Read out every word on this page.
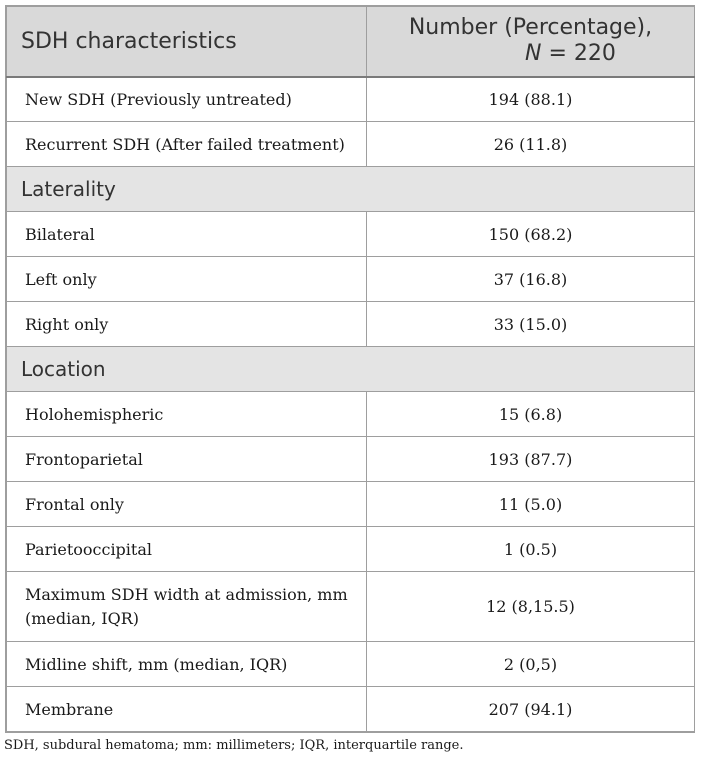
SDH characteristics	Number (Percentage),
N = 220

New SDH (Previously untreated)	194 (88.1)
Recurrent SDH (After failed treatment)	26 (11.8)
Laterality	
Bilateral	150 (68.2)
Left only	37 (16.8)
Right only	33 (15.0)
Location	
Holohemispheric	15 (6.8)
Frontoparietal	193 (87.7)
Frontal only	11 (5.0)
Parietooccipital	1 (0.5)
Maximum SDH width at admission, mm (median, IQR)	12 (8,15.5)
Midline shift, mm (median, IQR)	2 (0,5)
Membrane	207 (94.1)
SDH, subdural hematoma; mm: millimeters; IQR, interquartile range.
